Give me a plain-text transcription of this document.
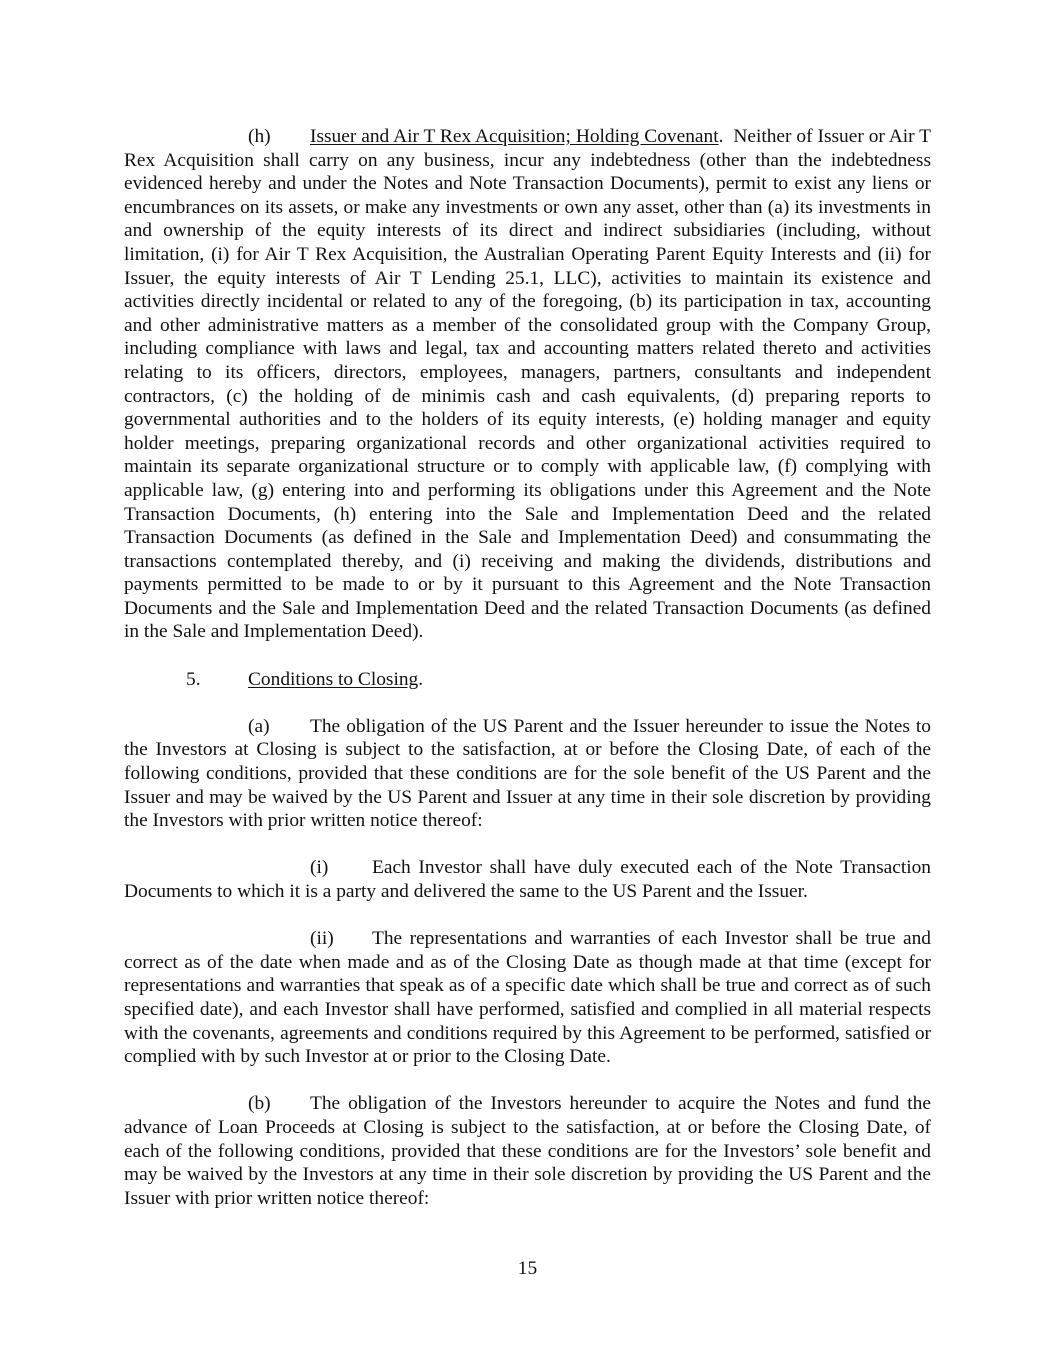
(h) Issuer and Air T Rex Acquisition; Holding Covenant. Neither of Issuer or Air T Rex Acquisition shall carry on any business, incur any indebtedness (other than the indebtedness evidenced hereby and under the Notes and Note Transaction Documents), permit to exist any liens or encumbrances on its assets, or make any investments or own any asset, other than (a) its investments in and ownership of the equity interests of its direct and indirect subsidiaries (including, without limitation, (i) for Air T Rex Acquisition, the Australian Operating Parent Equity Interests and (ii) for Issuer, the equity interests of Air T Lending 25.1, LLC), activities to maintain its existence and activities directly incidental or related to any of the foregoing, (b) its participation in tax, accounting and other administrative matters as a member of the consolidated group with the Company Group, including compliance with laws and legal, tax and accounting matters related thereto and activities relating to its officers, directors, employees, managers, partners, consultants and independent contractors, (c) the holding of de minimis cash and cash equivalents, (d) preparing reports to governmental authorities and to the holders of its equity interests, (e) holding manager and equity holder meetings, preparing organizational records and other organizational activities required to maintain its separate organizational structure or to comply with applicable law, (f) complying with applicable law, (g) entering into and performing its obligations under this Agreement and the Note Transaction Documents, (h) entering into the Sale and Implementation Deed and the related Transaction Documents (as defined in the Sale and Implementation Deed) and consummating the transactions contemplated thereby, and (i) receiving and making the dividends, distributions and payments permitted to be made to or by it pursuant to this Agreement and the Note Transaction Documents and the Sale and Implementation Deed and the related Transaction Documents (as defined in the Sale and Implementation Deed).

5. Conditions to Closing.

(a) The obligation of the US Parent and the Issuer hereunder to issue the Notes to the Investors at Closing is subject to the satisfaction, at or before the Closing Date, of each of the following conditions, provided that these conditions are for the sole benefit of the US Parent and the Issuer and may be waived by the US Parent and Issuer at any time in their sole discretion by providing the Investors with prior written notice thereof:

(i) Each Investor shall have duly executed each of the Note Transaction Documents to which it is a party and delivered the same to the US Parent and the Issuer.

(ii) The representations and warranties of each Investor shall be true and correct as of the date when made and as of the Closing Date as though made at that time (except for representations and warranties that speak as of a specific date which shall be true and correct as of such specified date), and each Investor shall have performed, satisfied and complied in all material respects with the covenants, agreements and conditions required by this Agreement to be performed, satisfied or complied with by such Investor at or prior to the Closing Date.

(b) The obligation of the Investors hereunder to acquire the Notes and fund the advance of Loan Proceeds at Closing is subject to the satisfaction, at or before the Closing Date, of each of the following conditions, provided that these conditions are for the Investors’ sole benefit and may be waived by the Investors at any time in their sole discretion by providing the US Parent and the Issuer with prior written notice thereof:

15
